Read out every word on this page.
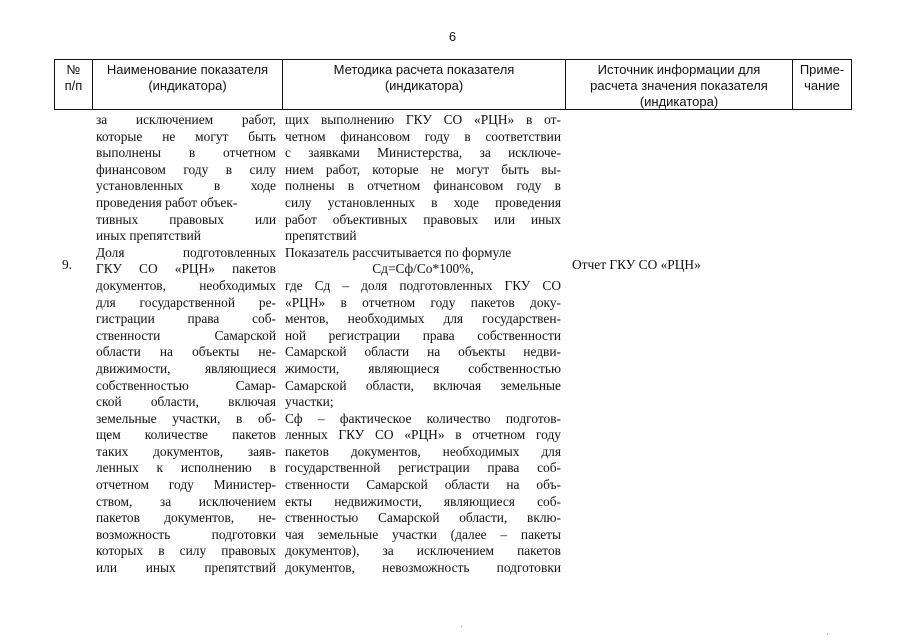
6
№
п/п
Наименование показателя
(индикатора)
Методика расчета показателя
(индикатора)
Источник информации для
расчета значения показателя
(индикатора)
Приме-
чание
9.	Отчет ГКУ СО «РЦН»
за исключением работ,
которые не могут быть
выполнены в отчетном
финансовом году в силу
установленных в ходе
проведения работ объек-
тивных правовых или
иных препятствий
Доля подготовленных
ГКУ СО «РЦН» пакетов
документов, необходимых
для государственной ре-
гистрации права соб-
ственности Самарской
области на объекты не-
движимости, являющиеся
собственностью Самар-
ской области, включая
земельные участки, в об-
щем количестве пакетов
таких документов, заяв-
ленных к исполнению в
отчетном году Министер-
ством, за исключением
пакетов документов, не-
возможность подготовки
которых в силу правовых
или иных препятствий
щих выполнению ГКУ СО «РЦН» в от-
четном финансовом году в соответствии
с заявками Министерства, за исключе-
нием работ, которые не могут быть вы-
полнены в отчетном финансовом году в
силу установленных в ходе проведения
работ объективных правовых или иных
препятствий
Показатель рассчитывается по формуле
Сд=Сф/Со*100%,
где Сд – доля подготовленных ГКУ СО
«РЦН» в отчетном году пакетов доку-
ментов, необходимых для государствен-
ной регистрации права собственности
Самарской области на объекты недви-
жимости, являющиеся собственностью
Самарской области, включая земельные
участки;
Сф – фактическое количество подготов-
ленных ГКУ СО «РЦН» в отчетном году
пакетов документов, необходимых для
государственной регистрации права соб-
ственности Самарской области на объ-
екты недвижимости, являющиеся соб-
ственностью Самарской области, вклю-
чая земельные участки (далее – пакеты
документов), за исключением пакетов
документов, невозможность подготовки
'	·
